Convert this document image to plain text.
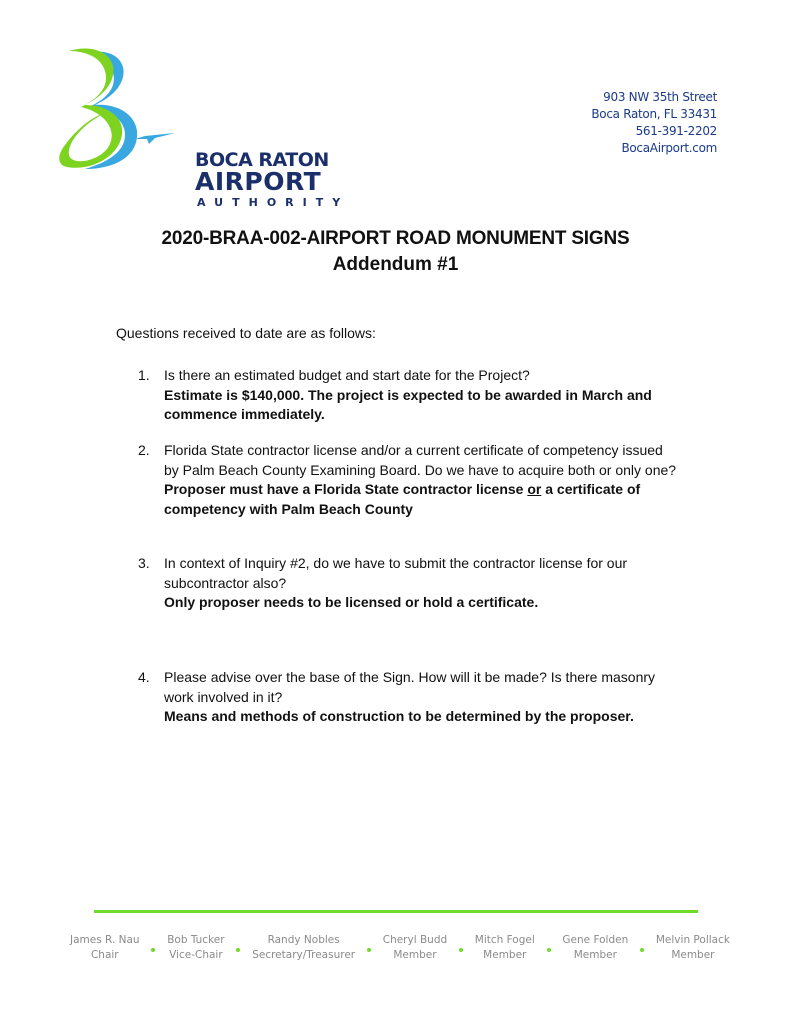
BOCA RATON
AIRPORT
AUTHORITY
903 NW 35th Street
Boca Raton, FL 33431
561-391-2202
BocaAirport.com
2020-BRAA-002-AIRPORT ROAD MONUMENT SIGNS
Addendum #1
Questions received to date are as follows:
1. Is there an estimated budget and start date for the Project?
Estimate is $140,000. The project is expected to be awarded in March and commence immediately.
2. Florida State contractor license and/or a current certificate of competency issued by Palm Beach County Examining Board. Do we have to acquire both or only one?
Proposer must have a Florida State contractor license or a certificate of competency with Palm Beach County
3. In context of Inquiry #2, do we have to submit the contractor license for our subcontractor also?
Only proposer needs to be licensed or hold a certificate.
4. Please advise over the base of the Sign. How will it be made? Is there masonry work involved in it?
Means and methods of construction to be determined by the proposer.
James R. Nau
Chair
Bob Tucker
Vice-Chair
Randy Nobles
Secretary/Treasurer
Cheryl Budd
Member
Mitch Fogel
Member
Gene Folden
Member
Melvin Pollack
Member
